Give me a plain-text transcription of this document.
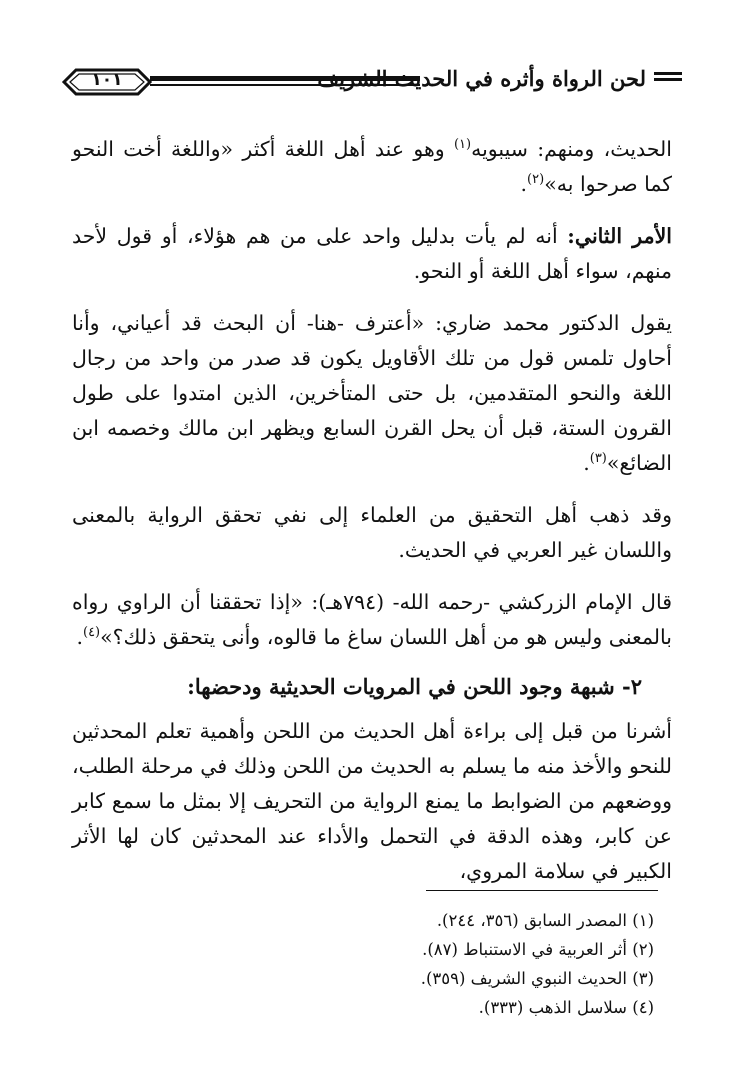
١٠١	لحن الرواة وأثره في الحديث الشريف

الحديث، ومنهم: سيبويه$^{(١)}$ وهو عند أهل اللغة أكثر «واللغة أخت النحو كما صرحوا به»$^{(٢)}$.

الأمر الثاني: أنه لم يأت بدليل واحد على من هم هؤلاء، أو قول لأحد منهم، سواء أهل اللغة أو النحو.

يقول الدكتور محمد ضاري: «أعترف -هنا- أن البحث قد أعياني، وأنا أحاول تلمس قول من تلك الأقاويل يكون قد صدر من واحد من رجال اللغة والنحو المتقدمين، بل حتى المتأخرين، الذين امتدوا على طول القرون الستة، قبل أن يحل القرن السابع ويظهر ابن مالك وخصمه ابن الضائع»$^{(٣)}$.

وقد ذهب أهل التحقيق من العلماء إلى نفي تحقق الرواية بالمعنى واللسان غير العربي في الحديث.

قال الإمام الزركشي -رحمه الله- (٧٩٤هـ): «إذا تحققنا أن الراوي رواه بالمعنى وليس هو من أهل اللسان ساغ ما قالوه، وأنى يتحقق ذلك؟»$^{(٤)}$.

٢- شبهة وجود اللحن في المرويات الحديثية ودحضها:

أشرنا من قبل إلى براءة أهل الحديث من اللحن وأهمية تعلم المحدثين للنحو والأخذ منه ما يسلم به الحديث من اللحن وذلك في مرحلة الطلب، ووضعهم من الضوابط ما يمنع الرواية من التحريف إلا بمثل ما سمع كابر عن كابر، وهذه الدقة في التحمل والأداء عند المحدثين كان لها الأثر الكبير في سلامة المروي،

(١) المصدر السابق (٣٥٦، ٢٤٤).
(٢) أثر العربية في الاستنباط (٨٧).
(٣) الحديث النبوي الشريف (٣٥٩).
(٤) سلاسل الذهب (٣٣٣).
